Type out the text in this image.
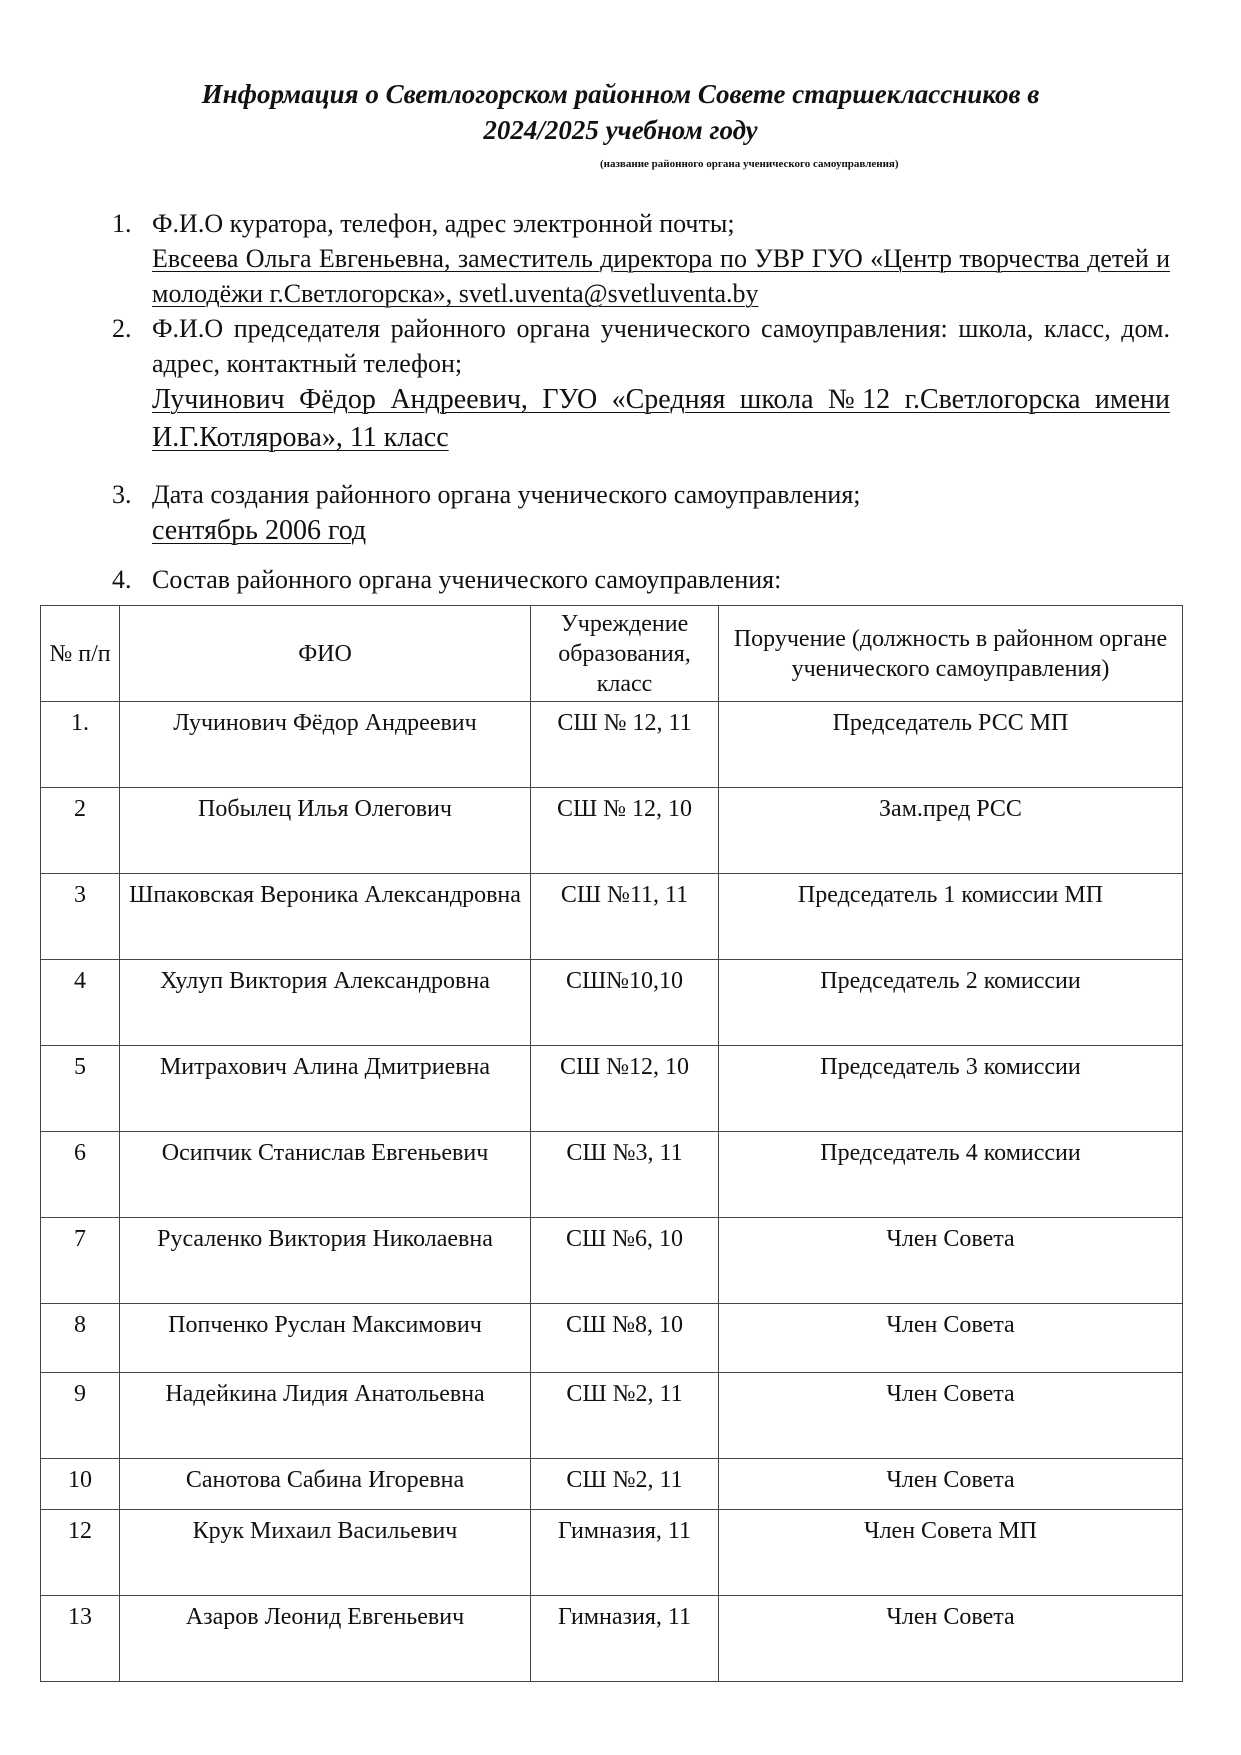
Информация о Светлогорском районном Совете старшеклассников в
2024/2025 учебном году
(название районного органа ученического самоуправления)
1. Ф.И.О куратора, телефон, адрес электронной почты;
Евсеева Ольга Евгеньевна, заместитель директора по УВР ГУО «Центр творчества детей и молодёжи г.Светлогорска», svetl.uventa@svetluventa.by
2. Ф.И.О председателя районного органа ученического самоуправления: школа, класс, дом. адрес, контактный телефон;
Лучинович Фёдор Андреевич, ГУО «Средняя школа №12 г.Светлогорска имени И.Г.Котлярова», 11 класс
3. Дата создания районного органа ученического самоуправления;
сентябрь 2006 год
4. Состав районного органа ученического самоуправления:
№ п/п	ФИО	Учреждение образования, класс	Поручение (должность в районном органе ученического самоуправления)
1.	Лучинович Фёдор Андреевич	СШ № 12, 11	Председатель РСС МП
2	Побылец Илья Олегович	СШ № 12, 10	Зам.пред РСС
3	Шпаковская Вероника Александровна	СШ №11, 11	Председатель 1 комиссии МП
4	Хулуп Виктория Александровна	СШ№10,10	Председатель 2 комиссии
5	Митрахович Алина Дмитриевна	СШ №12, 10	Председатель 3 комиссии
6	Осипчик Станислав Евгеньевич	СШ №3, 11	Председатель 4 комиссии
7	Русаленко Виктория Николаевна	СШ №6, 10	Член Совета
8	Попченко Руслан Максимович	СШ №8, 10	Член Совета
9	Надейкина Лидия Анатольевна	СШ №2, 11	Член Совета
10	Санотова Сабина Игоревна	СШ №2, 11	Член Совета
12	Крук Михаил Васильевич	Гимназия, 11	Член Совета МП
13	Азаров Леонид Евгеньевич	Гимназия, 11	Член Совета
